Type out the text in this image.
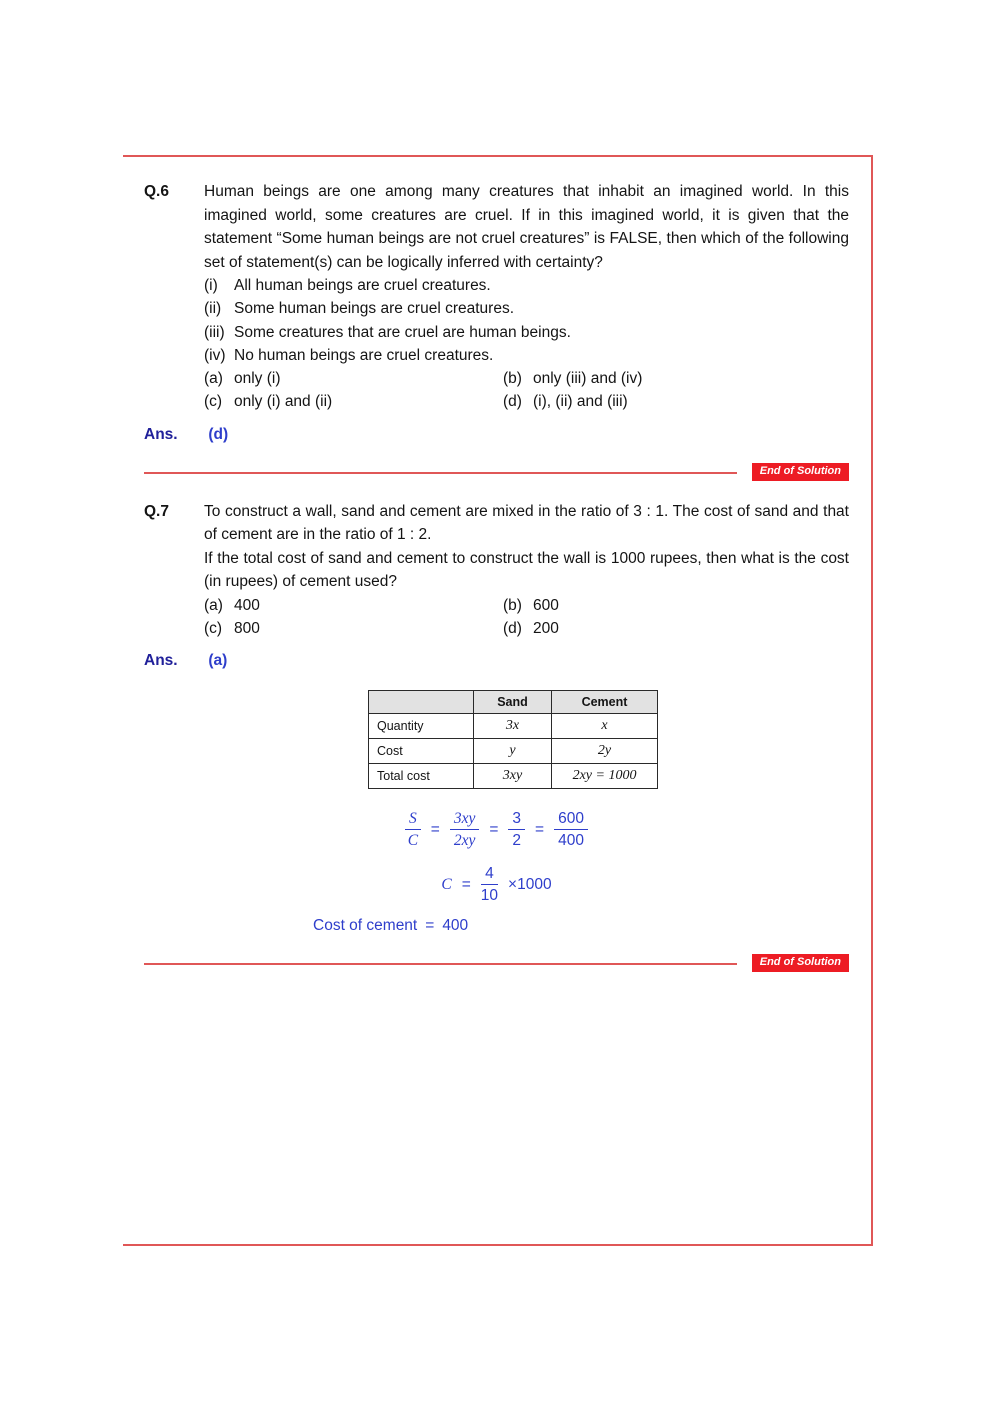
Q.6	Human beings are one among many creatures that inhabit an imagined world. In this imagined world, some creatures are cruel. If in this imagined world, it is given that the statement “Some human beings are not cruel creatures” is FALSE, then which of the following set of statement(s) can be logically inferred with certainty?

(i)	All human beings are cruel creatures.
(ii) Some human beings are cruel creatures.
(iii) Some creatures that are cruel are human beings.
(iv) No human beings are cruel creatures.
(a) only (i)	(b) only (iii) and (iv)
(c) only (i) and (ii)	(d) (i), (ii) and (iii)
Ans. (d)
End of Solution
Q.7	To construct a wall, sand and cement are mixed in the ratio of 3 : 1. The cost of sand and that of cement are in the ratio of 1 : 2.

If the total cost of sand and cement to construct the wall is 1000 rupees, then what is the cost (in rupees) of cement used?

(a) 400	(b) 600
(c) 800	(d) 200
Ans. (a)
	Sand	Cement
Quantity	3x	x
Cost	y	2y
Total cost	3xy	2xy = 1000
$\frac{S}{C} = \frac{3xy}{2xy} = \frac{3}{2} = \frac{600}{400}$
$C = \frac{4}{10} \times 1000$
Cost of cement = 400
End of Solution
